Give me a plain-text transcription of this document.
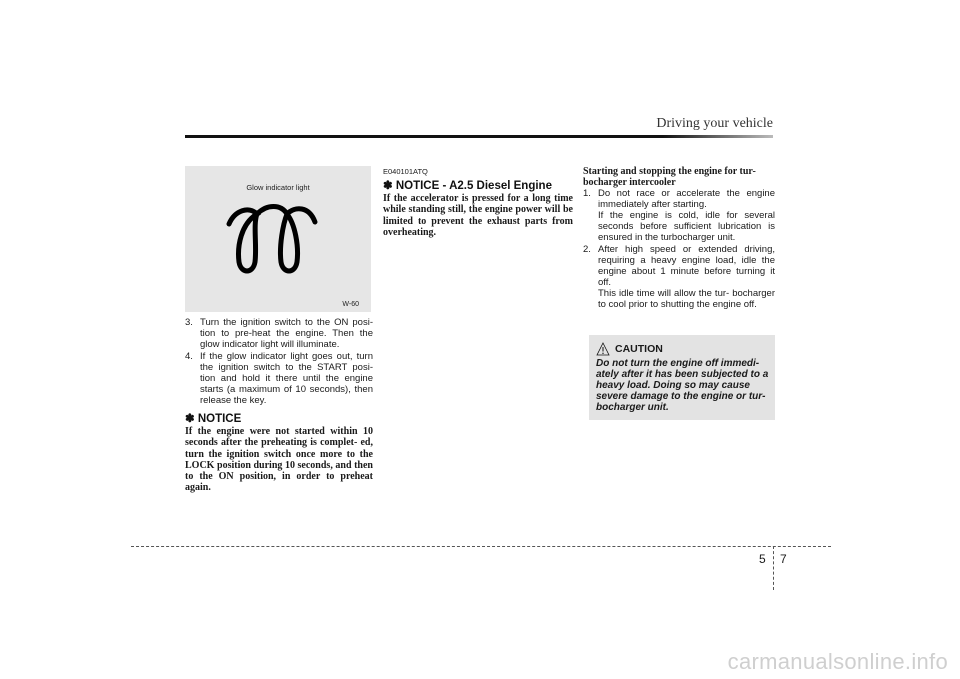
Driving your vehicle
Glow indicator light
W-60
3. Turn the ignition switch to the ON posi- tion to pre-heat the engine. Then the glow indicator light will illuminate.
4. If the glow indicator light goes out, turn the ignition switch to the START posi- tion and hold it there until the engine starts (a maximum of 10 seconds), then release the key.
✽ NOTICE

If the engine were not started within 10 seconds after the preheating is complet- ed, turn the ignition switch once more to the LOCK position during 10 seconds, and then to the ON position, in order to preheat again.

E040101ATQ
✽ NOTICE - A2.5 Diesel Engine

If the accelerator is pressed for a long time while standing still, the engine power will be limited to prevent the exhaust parts from overheating.

Starting and stopping the engine for tur- bocharger intercooler
1. Do not race or accelerate the engine immediately after starting.
If the engine is cold, idle for several seconds before sufficient lubrication is ensured in the turbocharger unit.
2. After high speed or extended driving, requiring a heavy engine load, idle the engine about 1 minute before turning it off.
This idle time will allow the tur- bocharger to cool prior to shutting the engine off.
CAUTION

Do not turn the engine off immedi- ately after it has been subjected to a heavy load. Doing so may cause severe damage to the engine or tur- bocharger unit.

5 7
carmanualsonline.info
